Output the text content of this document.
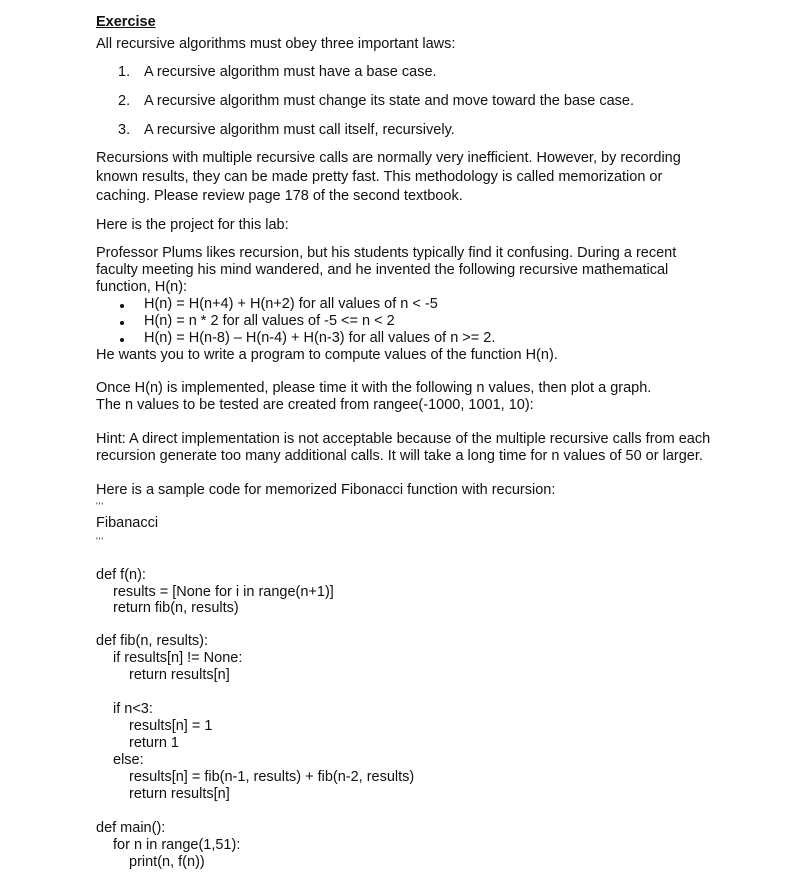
Exercise
All recursive algorithms must obey three important laws:
1. A recursive algorithm must have a base case.
2. A recursive algorithm must change its state and move toward the base case.
3. A recursive algorithm must call itself, recursively.
Recursions with multiple recursive calls are normally very inefficient. However, by recording
known results, they can be made pretty fast. This methodology is called memorization or
caching. Please review page 178 of the second textbook.
Here is the project for this lab:
Professor Plums likes recursion, but his students typically find it confusing. During a recent
faculty meeting his mind wandered, and he invented the following recursive mathematical
function, H(n):
H(n) = H(n+4) + H(n+2) for all values of n < -5
H(n) = n * 2 for all values of -5 <= n < 2
H(n) = H(n-8) – H(n-4) + H(n-3) for all values of n >= 2.
He wants you to write a program to compute values of the function H(n).
Once H(n) is implemented, please time it with the following n values, then plot a graph.
The n values to be tested are created from rangee(-1000, 1001, 10):
Hint: A direct implementation is not acceptable because of the multiple recursive calls from each
recursion generate too many additional calls. It will take a long time for n values of 50 or larger.
Here is a sample code for memorized Fibonacci function with recursion:
'''
Fibanacci
'''
def f(n):
results = [None for i in range(n+1)]
return fib(n, results)
def fib(n, results):
if results[n] != None:
return results[n]
if n<3:
results[n] = 1
return 1
else:
results[n] = fib(n-1, results) + fib(n-2, results)
return results[n]
def main():
for n in range(1,51):
print(n, f(n))
